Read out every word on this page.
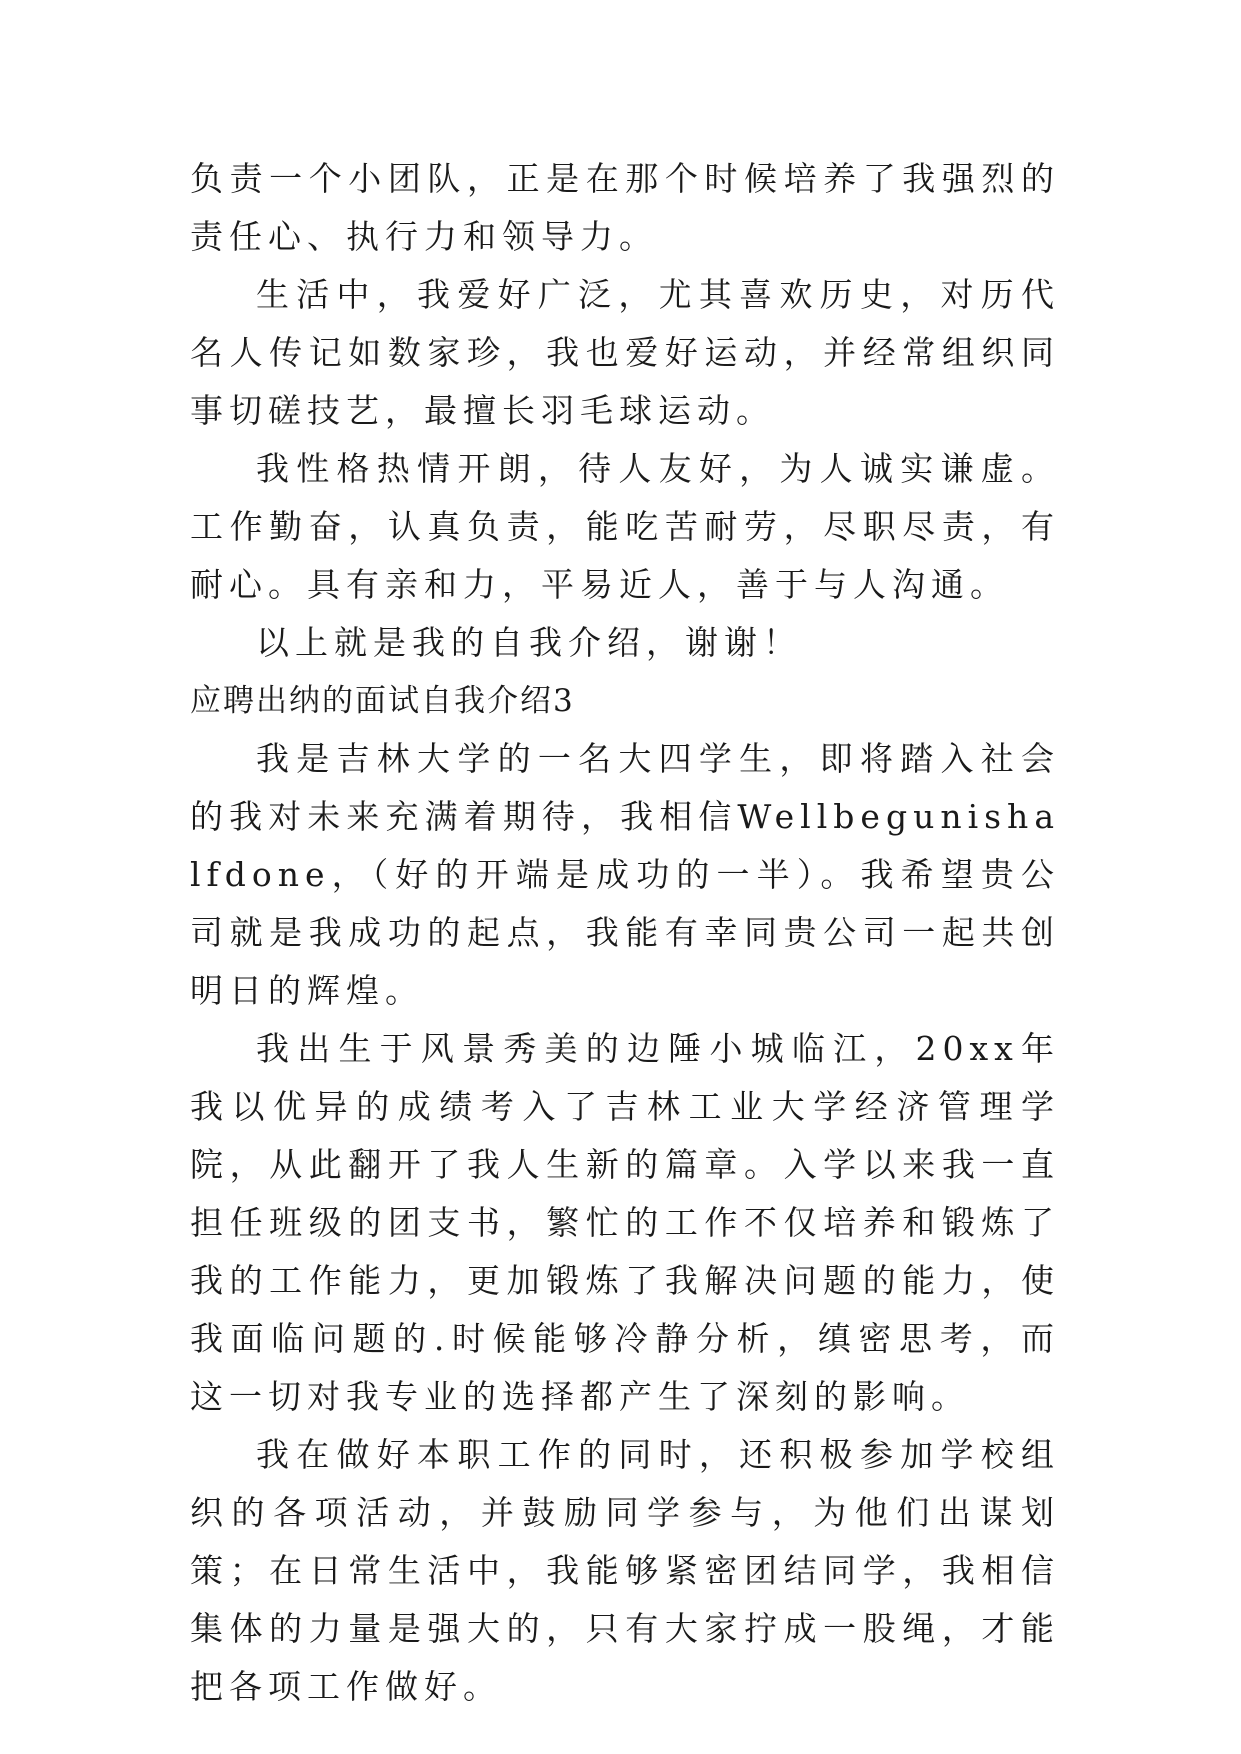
负责一个小团队，正是在那个时候培养了我强烈的责任心、执行力和领导力。

生活中，我爱好广泛，尤其喜欢历史，对历代名人传记如数家珍，我也爱好运动，并经常组织同事切磋技艺，最擅长羽毛球运动。

我性格热情开朗，待人友好，为人诚实谦虚。工作勤奋，认真负责，能吃苦耐劳，尽职尽责，有耐心。具有亲和力，平易近人，善于与人沟通。

以上就是我的自我介绍，谢谢！

应聘出纳的面试自我介绍3

我是吉林大学的一名大四学生，即将踏入社会的我对未来充满着期待，我相信Wellbegunishalfdone，（好的开端是成功的一半）。我希望贵公司就是我成功的起点，我能有幸同贵公司一起共创明日的辉煌。

我出生于风景秀美的边陲小城临江，20xx年我以优异的成绩考入了吉林工业大学经济管理学院，从此翻开了我人生新的篇章。入学以来我一直担任班级的团支书，繁忙的工作不仅培养和锻炼了我的工作能力，更加锻炼了我解决问题的能力，使我面临问题的.时候能够冷静分析，缜密思考，而这一切对我专业的选择都产生了深刻的影响。

我在做好本职工作的同时，还积极参加学校组织的各项活动，并鼓励同学参与，为他们出谋划策；在日常生活中，我能够紧密团结同学，我相信集体的力量是强大的，只有大家拧成一股绳，才能把各项工作做好。
